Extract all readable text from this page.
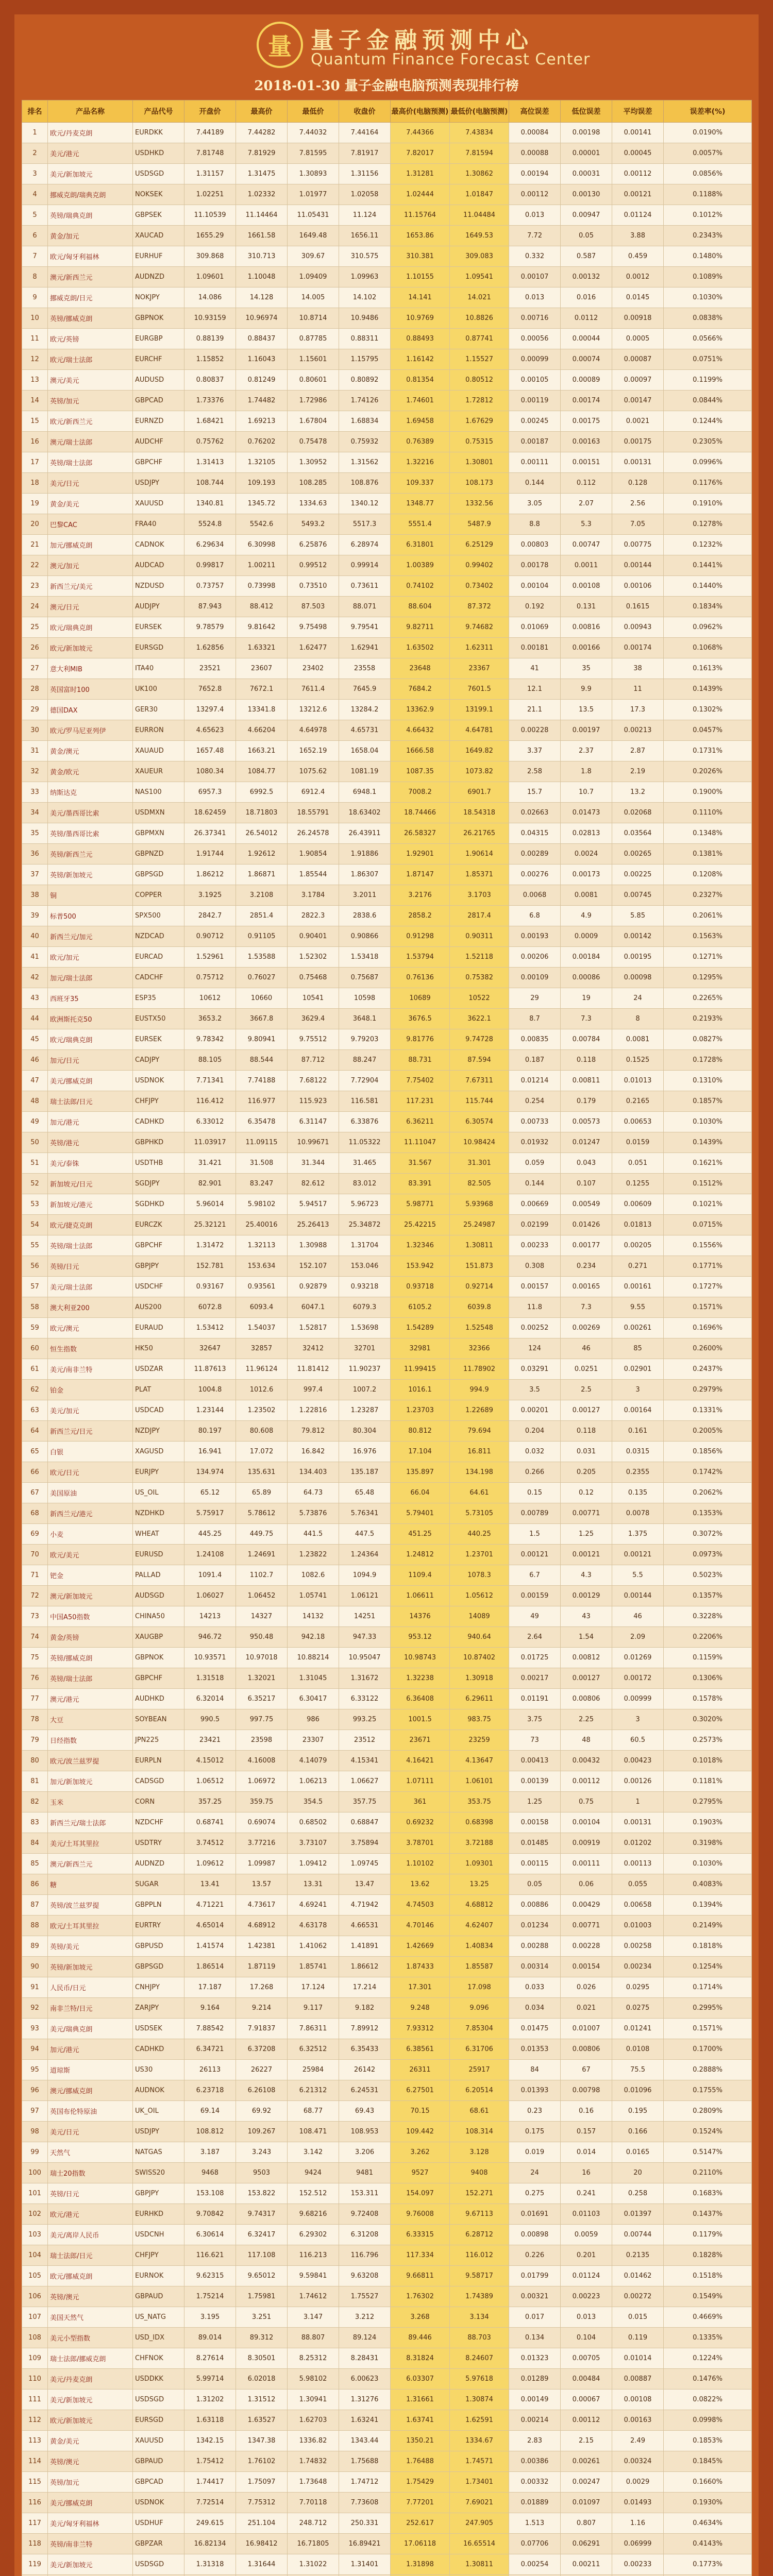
量 量子金融预测中心
Quantum Finance Forecast Center
2018-01-30 量子金融电脑预测表现排行榜
排名	产品名称	产品代号	开盘价	最高价	最低价	收盘价	最高价(电脑预测)	最低价(电脑预测)	高位误差	低位误差	平均误差	误差率(%)
1	欧元/丹麦克朗	EURDKK	7.44189	7.44282	7.44032	7.44164	7.44366	7.43834	0.00084	0.00198	0.00141	0.0190%
2	美元/港元	USDHKD	7.81748	7.81929	7.81595	7.81917	7.82017	7.81594	0.00088	0.00001	0.00045	0.0057%
3	美元/新加坡元	USDSGD	1.31157	1.31475	1.30893	1.31156	1.31281	1.30862	0.00194	0.00031	0.00112	0.0856%
4	挪威克朗/瑞典克朗	NOKSEK	1.02251	1.02332	1.01977	1.02058	1.02444	1.01847	0.00112	0.00130	0.00121	0.1188%
5	英镑/瑞典克朗	GBPSEK	11.10539	11.14464	11.05431	11.124	11.15764	11.04484	0.013	0.00947	0.01124	0.1012%
6	黄金/加元	XAUCAD	1655.29	1661.58	1649.48	1656.11	1653.86	1649.53	7.72	0.05	3.88	0.2343%
7	欧元/匈牙利福林	EURHUF	309.868	310.713	309.67	310.575	310.381	309.083	0.332	0.587	0.459	0.1480%
8	澳元/新西兰元	AUDNZD	1.09601	1.10048	1.09409	1.09963	1.10155	1.09541	0.00107	0.00132	0.0012	0.1089%
9	挪威克朗/日元	NOKJPY	14.086	14.128	14.005	14.102	14.141	14.021	0.013	0.016	0.0145	0.1030%
10	英镑/挪威克朗	GBPNOK	10.93159	10.96974	10.8714	10.9486	10.9769	10.8826	0.00716	0.0112	0.00918	0.0838%
11	欧元/英镑	EURGBP	0.88139	0.88437	0.87785	0.88311	0.88493	0.87741	0.00056	0.00044	0.0005	0.0566%
12	欧元/瑞士法郎	EURCHF	1.15852	1.16043	1.15601	1.15795	1.16142	1.15527	0.00099	0.00074	0.00087	0.0751%
13	澳元/美元	AUDUSD	0.80837	0.81249	0.80601	0.80892	0.81354	0.80512	0.00105	0.00089	0.00097	0.1199%
14	英镑/加元	GBPCAD	1.73376	1.74482	1.72986	1.74126	1.74601	1.72812	0.00119	0.00174	0.00147	0.0844%
15	欧元/新西兰元	EURNZD	1.68421	1.69213	1.67804	1.68834	1.69458	1.67629	0.00245	0.00175	0.0021	0.1244%
16	澳元/瑞士法郎	AUDCHF	0.75762	0.76202	0.75478	0.75932	0.76389	0.75315	0.00187	0.00163	0.00175	0.2305%
17	英镑/瑞士法郎	GBPCHF	1.31413	1.32105	1.30952	1.31562	1.32216	1.30801	0.00111	0.00151	0.00131	0.0996%
18	美元/日元	USDJPY	108.744	109.193	108.285	108.876	109.337	108.173	0.144	0.112	0.128	0.1176%
19	黄金/美元	XAUUSD	1340.81	1345.72	1334.63	1340.12	1348.77	1332.56	3.05	2.07	2.56	0.1910%
20	巴黎CAC	FRA40	5524.8	5542.6	5493.2	5517.3	5551.4	5487.9	8.8	5.3	7.05	0.1278%
21	加元/挪威克朗	CADNOK	6.29634	6.30998	6.25876	6.28974	6.31801	6.25129	0.00803	0.00747	0.00775	0.1232%
22	澳元/加元	AUDCAD	0.99817	1.00211	0.99512	0.99914	1.00389	0.99402	0.00178	0.0011	0.00144	0.1441%
23	新西兰元/美元	NZDUSD	0.73757	0.73998	0.73510	0.73611	0.74102	0.73402	0.00104	0.00108	0.00106	0.1440%
24	澳元/日元	AUDJPY	87.943	88.412	87.503	88.071	88.604	87.372	0.192	0.131	0.1615	0.1834%
25	欧元/瑞典克朗	EURSEK	9.78579	9.81642	9.75498	9.79541	9.82711	9.74682	0.01069	0.00816	0.00943	0.0962%
26	欧元/新加坡元	EURSGD	1.62856	1.63321	1.62477	1.62941	1.63502	1.62311	0.00181	0.00166	0.00174	0.1068%
27	意大利MIB	ITA40	23521	23607	23402	23558	23648	23367	41	35	38	0.1613%
28	英国富时100	UK100	7652.8	7672.1	7611.4	7645.9	7684.2	7601.5	12.1	9.9	11	0.1439%
29	德国DAX	GER30	13297.4	13341.8	13212.6	13284.2	13362.9	13199.1	21.1	13.5	17.3	0.1302%
30	欧元/罗马尼亚列伊	EURRON	4.65623	4.66204	4.64978	4.65731	4.66432	4.64781	0.00228	0.00197	0.00213	0.0457%
31	黄金/澳元	XAUAUD	1657.48	1663.21	1652.19	1658.04	1666.58	1649.82	3.37	2.37	2.87	0.1731%
32	黄金/欧元	XAUEUR	1080.34	1084.77	1075.62	1081.19	1087.35	1073.82	2.58	1.8	2.19	0.2026%
33	纳斯达克	NAS100	6957.3	6992.5	6912.4	6948.1	7008.2	6901.7	15.7	10.7	13.2	0.1900%
34	美元/墨西哥比索	USDMXN	18.62459	18.71803	18.55791	18.63402	18.74466	18.54318	0.02663	0.01473	0.02068	0.1110%
35	英镑/墨西哥比索	GBPMXN	26.37341	26.54012	26.24578	26.43911	26.58327	26.21765	0.04315	0.02813	0.03564	0.1348%
36	英镑/新西兰元	GBPNZD	1.91744	1.92612	1.90854	1.91886	1.92901	1.90614	0.00289	0.0024	0.00265	0.1381%
37	英镑/新加坡元	GBPSGD	1.86212	1.86871	1.85544	1.86307	1.87147	1.85371	0.00276	0.00173	0.00225	0.1208%
38	铜	COPPER	3.1925	3.2108	3.1784	3.2011	3.2176	3.1703	0.0068	0.0081	0.00745	0.2327%
39	标普500	SPX500	2842.7	2851.4	2822.3	2838.6	2858.2	2817.4	6.8	4.9	5.85	0.2061%
40	新西兰元/加元	NZDCAD	0.90712	0.91105	0.90401	0.90866	0.91298	0.90311	0.00193	0.0009	0.00142	0.1563%
41	欧元/加元	EURCAD	1.52961	1.53588	1.52302	1.53418	1.53794	1.52118	0.00206	0.00184	0.00195	0.1271%
42	加元/瑞士法郎	CADCHF	0.75712	0.76027	0.75468	0.75687	0.76136	0.75382	0.00109	0.00086	0.00098	0.1295%
43	西班牙35	ESP35	10612	10660	10541	10598	10689	10522	29	19	24	0.2265%
44	欧洲斯托克50	EUSTX50	3653.2	3667.8	3629.4	3648.1	3676.5	3622.1	8.7	7.3	8	0.2193%
45	欧元/瑞典克朗	EURSEK	9.78342	9.80941	9.75512	9.79203	9.81776	9.74728	0.00835	0.00784	0.0081	0.0827%
46	加元/日元	CADJPY	88.105	88.544	87.712	88.247	88.731	87.594	0.187	0.118	0.1525	0.1728%
47	美元/挪威克朗	USDNOK	7.71341	7.74188	7.68122	7.72904	7.75402	7.67311	0.01214	0.00811	0.01013	0.1310%
48	瑞士法郎/日元	CHFJPY	116.412	116.977	115.923	116.581	117.231	115.744	0.254	0.179	0.2165	0.1857%
49	加元/港元	CADHKD	6.33012	6.35478	6.31147	6.33876	6.36211	6.30574	0.00733	0.00573	0.00653	0.1030%
50	英镑/港元	GBPHKD	11.03917	11.09115	10.99671	11.05322	11.11047	10.98424	0.01932	0.01247	0.0159	0.1439%
51	美元/泰铢	USDTHB	31.421	31.508	31.344	31.465	31.567	31.301	0.059	0.043	0.051	0.1621%
52	新加坡元/日元	SGDJPY	82.901	83.247	82.612	83.012	83.391	82.505	0.144	0.107	0.1255	0.1512%
53	新加坡元/港元	SGDHKD	5.96014	5.98102	5.94517	5.96723	5.98771	5.93968	0.00669	0.00549	0.00609	0.1021%
54	欧元/捷克克朗	EURCZK	25.32121	25.40016	25.26413	25.34872	25.42215	25.24987	0.02199	0.01426	0.01813	0.0715%
55	英镑/瑞士法郎	GBPCHF	1.31472	1.32113	1.30988	1.31704	1.32346	1.30811	0.00233	0.00177	0.00205	0.1556%
56	英镑/日元	GBPJPY	152.781	153.634	152.107	153.046	153.942	151.873	0.308	0.234	0.271	0.1771%
57	美元/瑞士法郎	USDCHF	0.93167	0.93561	0.92879	0.93218	0.93718	0.92714	0.00157	0.00165	0.00161	0.1727%
58	澳大利亚200	AUS200	6072.8	6093.4	6047.1	6079.3	6105.2	6039.8	11.8	7.3	9.55	0.1571%
59	欧元/澳元	EURAUD	1.53412	1.54037	1.52817	1.53698	1.54289	1.52548	0.00252	0.00269	0.00261	0.1696%
60	恒生指数	HK50	32647	32857	32412	32701	32981	32366	124	46	85	0.2600%
61	美元/南非兰特	USDZAR	11.87613	11.96124	11.81412	11.90237	11.99415	11.78902	0.03291	0.0251	0.02901	0.2437%
62	铂金	PLAT	1004.8	1012.6	997.4	1007.2	1016.1	994.9	3.5	2.5	3	0.2979%
63	美元/加元	USDCAD	1.23144	1.23502	1.22816	1.23287	1.23703	1.22689	0.00201	0.00127	0.00164	0.1331%
64	新西兰元/日元	NZDJPY	80.197	80.608	79.812	80.304	80.812	79.694	0.204	0.118	0.161	0.2005%
65	白银	XAGUSD	16.941	17.072	16.842	16.976	17.104	16.811	0.032	0.031	0.0315	0.1856%
66	欧元/日元	EURJPY	134.974	135.631	134.403	135.187	135.897	134.198	0.266	0.205	0.2355	0.1742%
67	美国原油	US_OIL	65.12	65.89	64.73	65.48	66.04	64.61	0.15	0.12	0.135	0.2062%
68	新西兰元/港元	NZDHKD	5.75917	5.78612	5.73876	5.76341	5.79401	5.73105	0.00789	0.00771	0.0078	0.1353%
69	小麦	WHEAT	445.25	449.75	441.5	447.5	451.25	440.25	1.5	1.25	1.375	0.3072%
70	欧元/美元	EURUSD	1.24108	1.24691	1.23822	1.24364	1.24812	1.23701	0.00121	0.00121	0.00121	0.0973%
71	钯金	PALLAD	1091.4	1102.7	1082.6	1094.9	1109.4	1078.3	6.7	4.3	5.5	0.5023%
72	澳元/新加坡元	AUDSGD	1.06027	1.06452	1.05741	1.06121	1.06611	1.05612	0.00159	0.00129	0.00144	0.1357%
73	中国A50指数	CHINA50	14213	14327	14132	14251	14376	14089	49	43	46	0.3228%
74	黄金/英镑	XAUGBP	946.72	950.48	942.18	947.33	953.12	940.64	2.64	1.54	2.09	0.2206%
75	英镑/挪威克朗	GBPNOK	10.93571	10.97018	10.88214	10.95047	10.98743	10.87402	0.01725	0.00812	0.01269	0.1159%
76	英镑/瑞士法郎	GBPCHF	1.31518	1.32021	1.31045	1.31672	1.32238	1.30918	0.00217	0.00127	0.00172	0.1306%
77	澳元/港元	AUDHKD	6.32014	6.35217	6.30417	6.33122	6.36408	6.29611	0.01191	0.00806	0.00999	0.1578%
78	大豆	SOYBEAN	990.5	997.75	986	993.25	1001.5	983.75	3.75	2.25	3	0.3020%
79	日经指数	JPN225	23421	23598	23307	23512	23671	23259	73	48	60.5	0.2573%
80	欧元/波兰兹罗提	EURPLN	4.15012	4.16008	4.14079	4.15341	4.16421	4.13647	0.00413	0.00432	0.00423	0.1018%
81	加元/新加坡元	CADSGD	1.06512	1.06972	1.06213	1.06627	1.07111	1.06101	0.00139	0.00112	0.00126	0.1181%
82	玉米	CORN	357.25	359.75	354.5	357.75	361	353.75	1.25	0.75	1	0.2795%
83	新西兰元/瑞士法郎	NZDCHF	0.68741	0.69074	0.68502	0.68847	0.69232	0.68398	0.00158	0.00104	0.00131	0.1903%
84	美元/土耳其里拉	USDTRY	3.74512	3.77216	3.73107	3.75894	3.78701	3.72188	0.01485	0.00919	0.01202	0.3198%
85	澳元/新西兰元	AUDNZD	1.09612	1.09987	1.09412	1.09745	1.10102	1.09301	0.00115	0.00111	0.00113	0.1030%
86	糖	SUGAR	13.41	13.57	13.31	13.47	13.62	13.25	0.05	0.06	0.055	0.4083%
87	英镑/波兰兹罗提	GBPPLN	4.71221	4.73617	4.69241	4.71942	4.74503	4.68812	0.00886	0.00429	0.00658	0.1394%
88	欧元/土耳其里拉	EURTRY	4.65014	4.68912	4.63178	4.66531	4.70146	4.62407	0.01234	0.00771	0.01003	0.2149%
89	英镑/美元	GBPUSD	1.41574	1.42381	1.41062	1.41891	1.42669	1.40834	0.00288	0.00228	0.00258	0.1818%
90	英镑/新加坡元	GBPSGD	1.86514	1.87119	1.85741	1.86612	1.87433	1.85587	0.00314	0.00154	0.00234	0.1254%
91	人民币/日元	CNHJPY	17.187	17.268	17.124	17.214	17.301	17.098	0.033	0.026	0.0295	0.1714%
92	南非兰特/日元	ZARJPY	9.164	9.214	9.117	9.182	9.248	9.096	0.034	0.021	0.0275	0.2995%
93	美元/瑞典克朗	USDSEK	7.88542	7.91837	7.86311	7.89912	7.93312	7.85304	0.01475	0.01007	0.01241	0.1571%
94	加元/港元	CADHKD	6.34721	6.37208	6.32512	6.35433	6.38561	6.31706	0.01353	0.00806	0.0108	0.1700%
95	道琼斯	US30	26113	26227	25984	26142	26311	25917	84	67	75.5	0.2888%
96	澳元/挪威克朗	AUDNOK	6.23718	6.26108	6.21312	6.24531	6.27501	6.20514	0.01393	0.00798	0.01096	0.1755%
97	英国布伦特原油	UK_OIL	69.14	69.92	68.77	69.43	70.15	68.61	0.23	0.16	0.195	0.2809%
98	美元/日元	USDJPY	108.812	109.267	108.471	108.953	109.442	108.314	0.175	0.157	0.166	0.1524%
99	天然气	NATGAS	3.187	3.243	3.142	3.206	3.262	3.128	0.019	0.014	0.0165	0.5147%
100	瑞士20指数	SWISS20	9468	9503	9424	9481	9527	9408	24	16	20	0.2110%
101	英镑/日元	GBPJPY	153.108	153.822	152.512	153.311	154.097	152.271	0.275	0.241	0.258	0.1683%
102	欧元/港元	EURHKD	9.70842	9.74317	9.68216	9.72408	9.76008	9.67113	0.01691	0.01103	0.01397	0.1437%
103	美元/离岸人民币	USDCNH	6.30614	6.32417	6.29302	6.31208	6.33315	6.28712	0.00898	0.0059	0.00744	0.1179%
104	瑞士法郎/日元	CHFJPY	116.621	117.108	116.213	116.796	117.334	116.012	0.226	0.201	0.2135	0.1828%
105	欧元/挪威克朗	EURNOK	9.62315	9.65012	9.59841	9.63208	9.66811	9.58717	0.01799	0.01124	0.01462	0.1518%
106	英镑/澳元	GBPAUD	1.75214	1.75981	1.74612	1.75527	1.76302	1.74389	0.00321	0.00223	0.00272	0.1549%
107	美国天然气	US_NATG	3.195	3.251	3.147	3.212	3.268	3.134	0.017	0.013	0.015	0.4669%
108	美元小型指数	USD_IDX	89.014	89.312	88.807	89.124	89.446	88.703	0.134	0.104	0.119	0.1335%
109	瑞士法郎/挪威克朗	CHFNOK	8.27614	8.30501	8.25312	8.28431	8.31824	8.24607	0.01323	0.00705	0.01014	0.1224%
110	美元/丹麦克朗	USDDKK	5.99714	6.02018	5.98102	6.00623	6.03307	5.97618	0.01289	0.00484	0.00887	0.1476%
111	美元/新加坡元	USDSGD	1.31202	1.31512	1.30941	1.31276	1.31661	1.30874	0.00149	0.00067	0.00108	0.0822%
112	欧元/新加坡元	EURSGD	1.63118	1.63527	1.62703	1.63241	1.63741	1.62591	0.00214	0.00112	0.00163	0.0998%
113	黄金/美元	XAUUSD	1342.15	1347.38	1336.82	1343.44	1350.21	1334.67	2.83	2.15	2.49	0.1853%
114	英镑/澳元	GBPAUD	1.75412	1.76102	1.74832	1.75688	1.76488	1.74571	0.00386	0.00261	0.00324	0.1845%
115	英镑/加元	GBPCAD	1.74417	1.75097	1.73648	1.74712	1.75429	1.73401	0.00332	0.00247	0.0029	0.1660%
116	美元/挪威克朗	USDNOK	7.72514	7.75312	7.70118	7.73608	7.77201	7.69021	0.01889	0.01097	0.01493	0.1930%
117	美元/匈牙利福林	USDHUF	249.615	251.104	248.712	250.331	252.617	247.905	1.513	0.807	1.16	0.4634%
118	英镑/南非兰特	GBPZAR	16.82134	16.98412	16.71805	16.89421	17.06118	16.65514	0.07706	0.06291	0.06999	0.4143%
119	美元/新加坡元	USDSGD	1.31318	1.31644	1.31022	1.31401	1.31898	1.30811	0.00254	0.00211	0.00233	0.1773%
